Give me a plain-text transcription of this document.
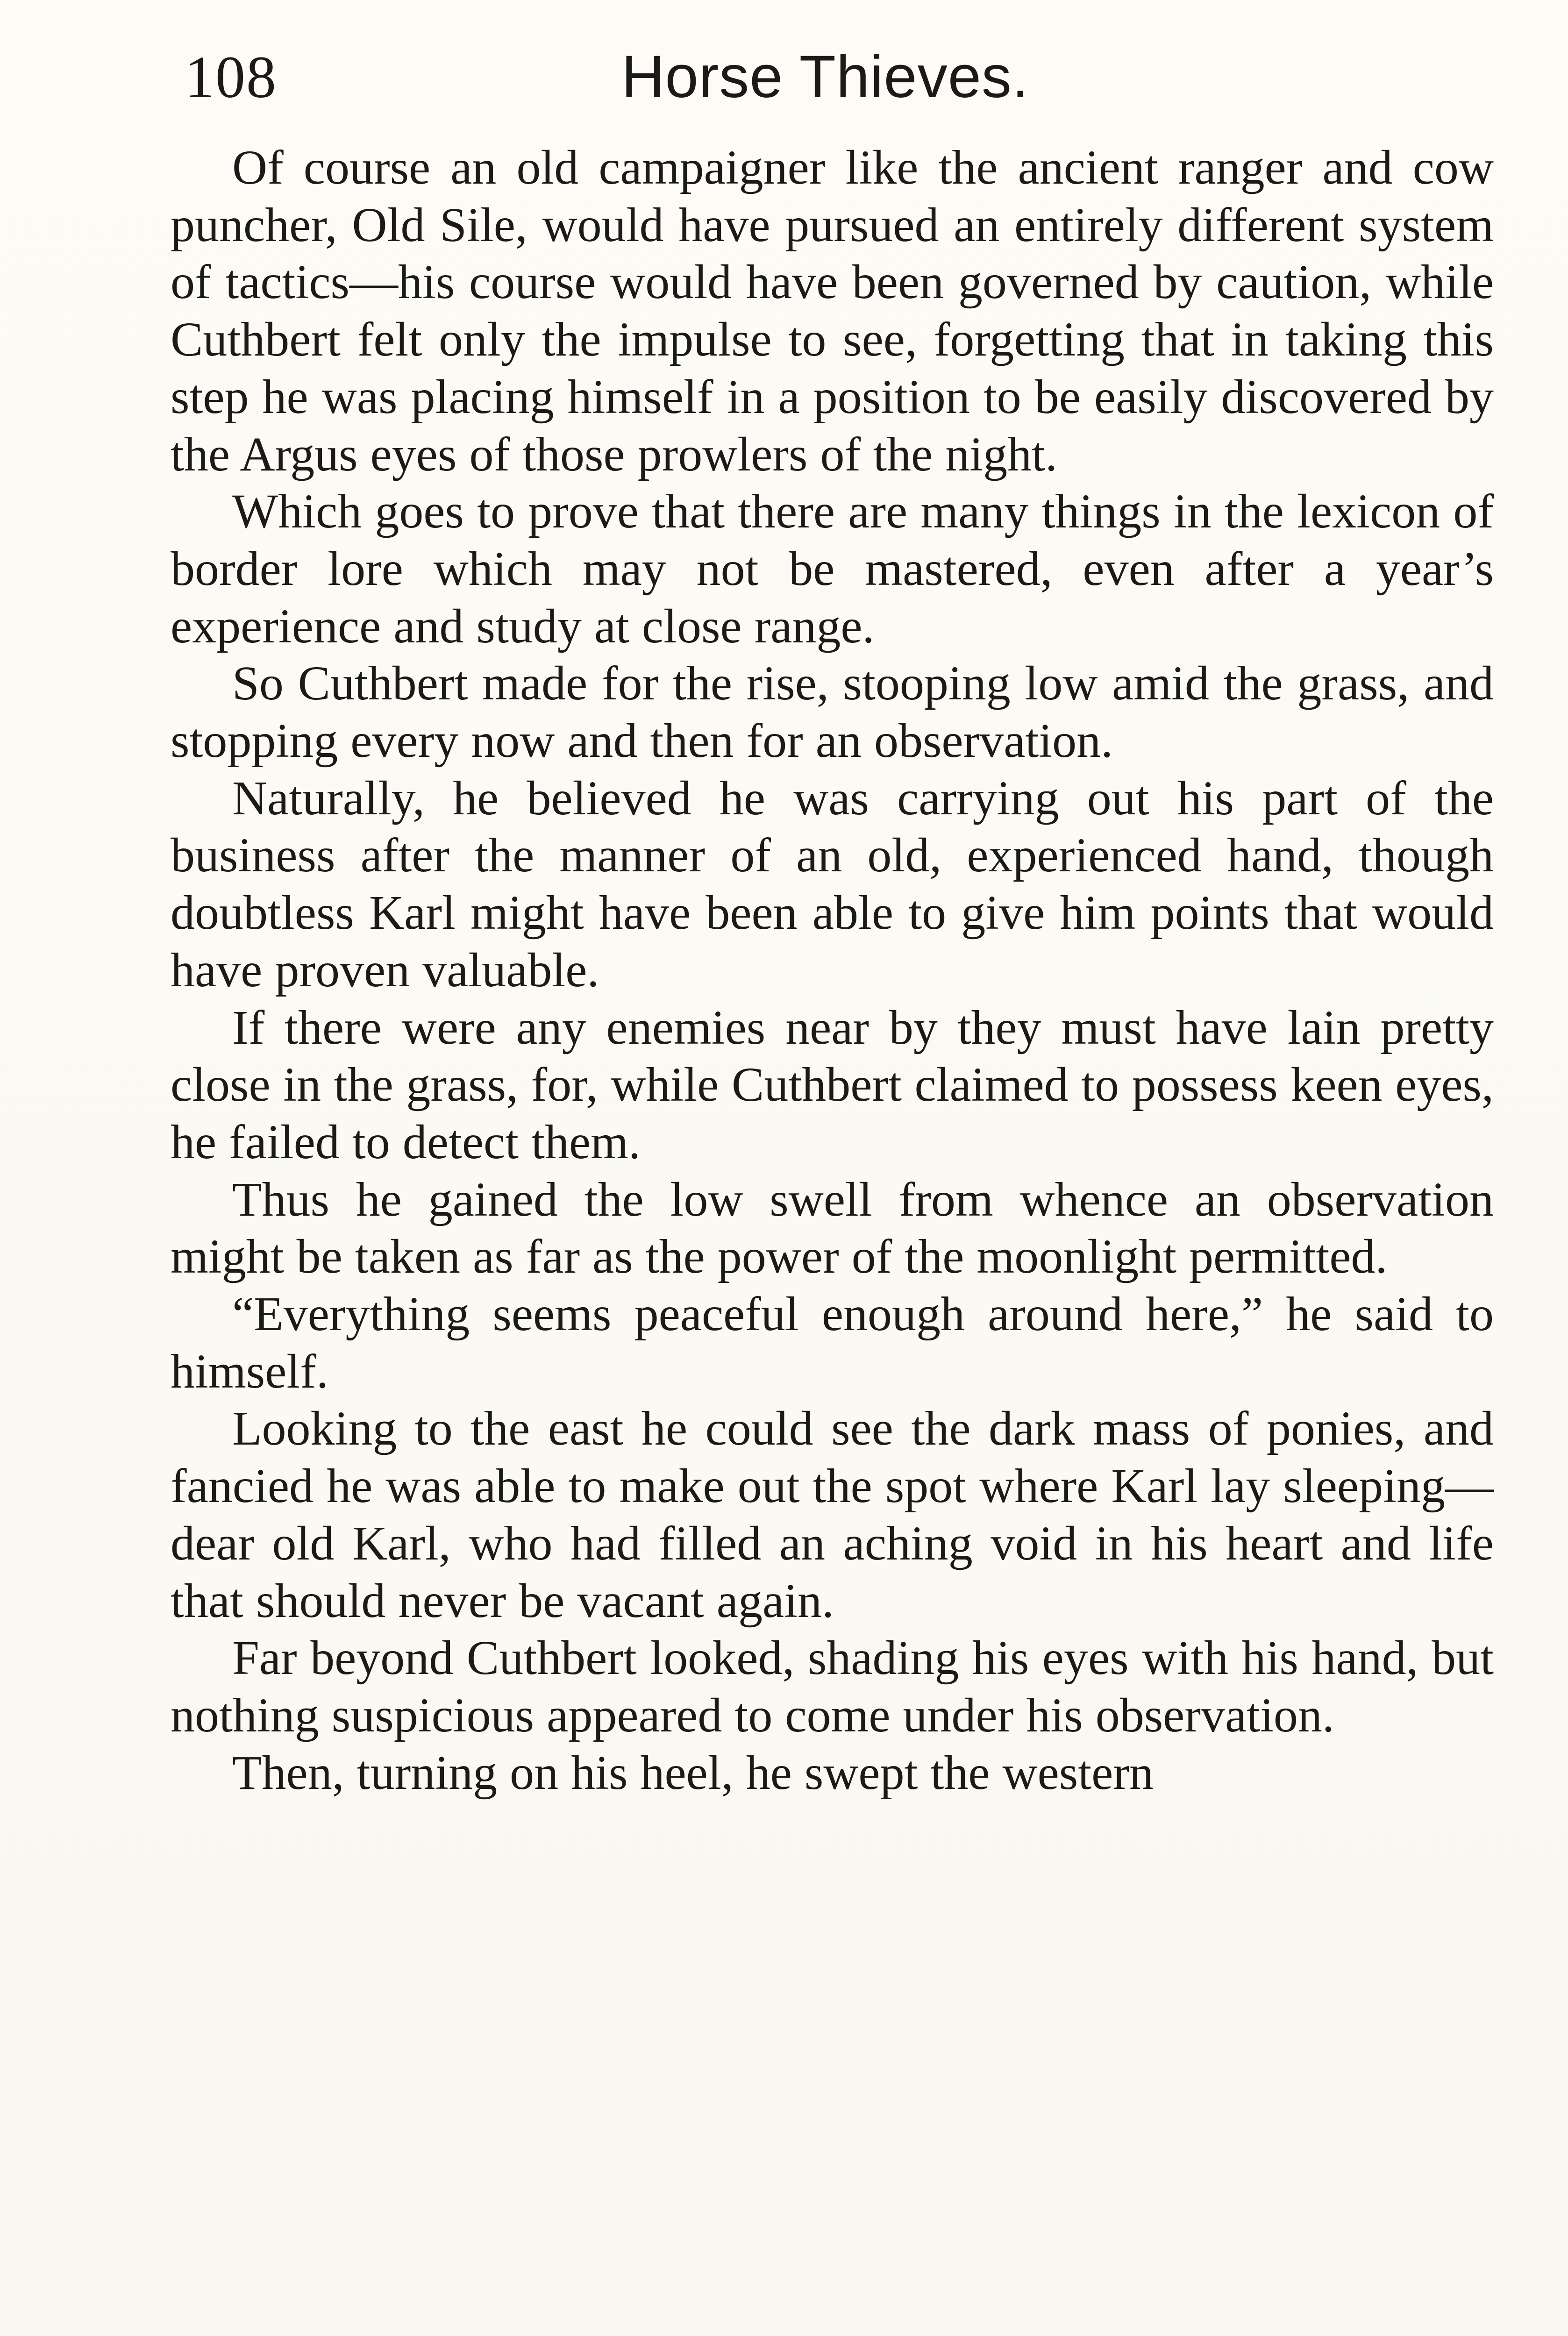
108	Horse Thieves.

Of course an old campaigner like the ancient ranger and cow puncher, Old Sile, would have pursued an entirely different system of tactics—his course would have been governed by caution, while Cuthbert felt only the impulse to see, forgetting that in taking this step he was placing himself in a position to be easily discovered by the Argus eyes of those prowlers of the night.

Which goes to prove that there are many things in the lexicon of border lore which may not be mastered, even after a year’s experience and study at close range.

So Cuthbert made for the rise, stooping low amid the grass, and stopping every now and then for an observation.

Naturally, he believed he was carrying out his part of the business after the manner of an old, experienced hand, though doubtless Karl might have been able to give him points that would have proven valuable.

If there were any enemies near by they must have lain pretty close in the grass, for, while Cuthbert claimed to possess keen eyes, he failed to detect them.

Thus he gained the low swell from whence an observation might be taken as far as the power of the moonlight permitted.

“Everything seems peaceful enough around here,” he said to himself.

Looking to the east he could see the dark mass of ponies, and fancied he was able to make out the spot where Karl lay sleeping—dear old Karl, who had filled an aching void in his heart and life that should never be vacant again.

Far beyond Cuthbert looked, shading his eyes with his hand, but nothing suspicious appeared to come under his observation.

Then, turning on his heel, he swept the western
